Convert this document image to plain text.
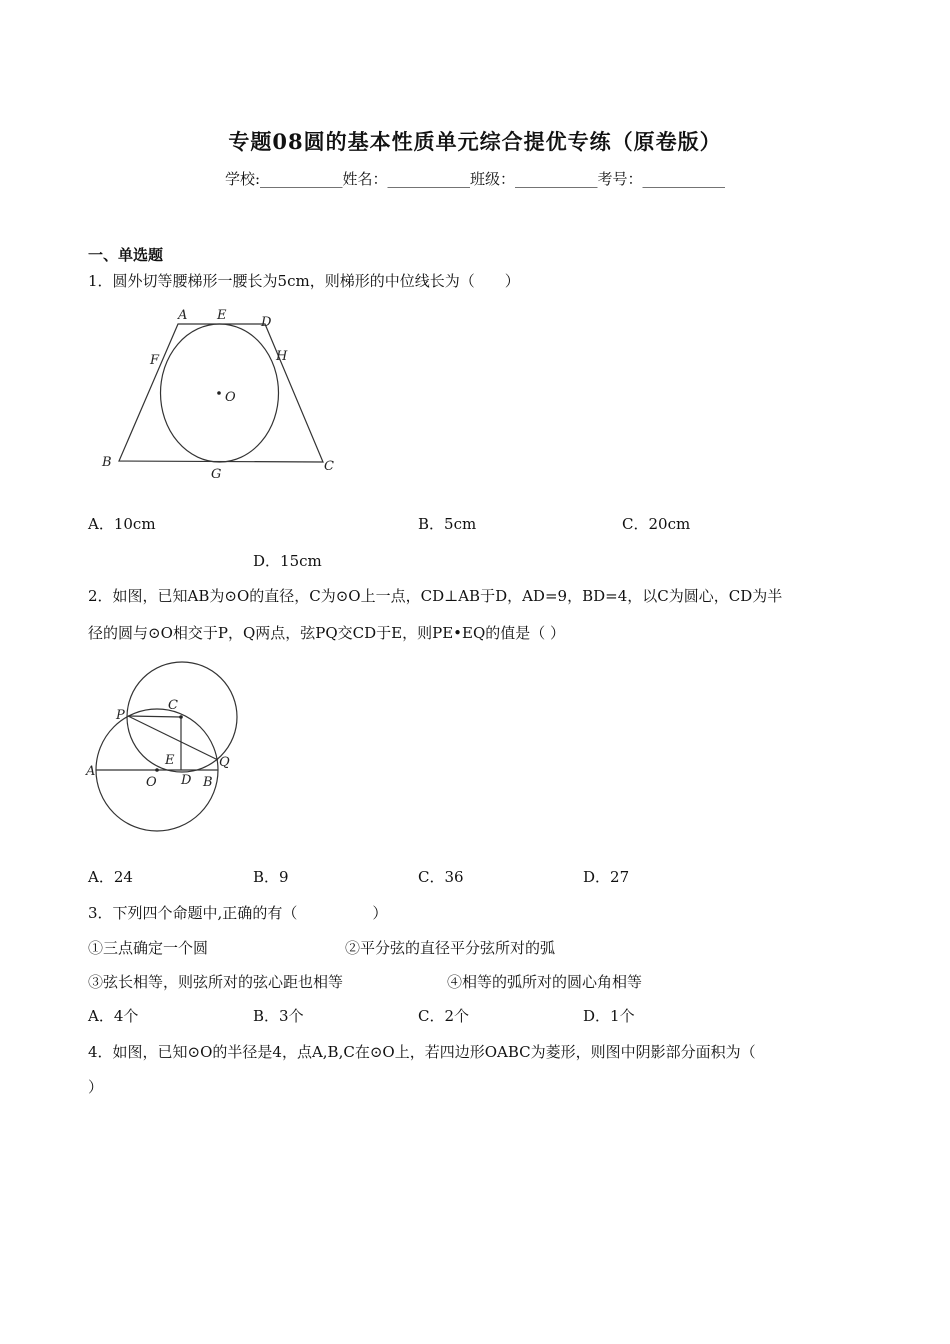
专题08圆的基本性质单元综合提优专练（原卷版）
学校:___________姓名：___________班级：___________考号：___________
一、单选题
1．圆外切等腰梯形一腰长为5cm，则梯形的中位线长为（　　）
A E	D
F	H
O
B
G
C
A．10cm	B．5cm	C．20cm
D．15cm
2．如图，已知AB为⊙O的直径，C为⊙O上一点，CD⊥AB于D，AD=9，BD=4，以C为圆心，CD为半
径的圆与⊙O相交于P，Q两点，弦PQ交CD于E，则PE•EQ的值是（ ）
P
C
A
E	Q
O D B
A．24	B．9	C．36	D．27
3．下列四个命题中,正确的有（　　　　　）
①三点确定一个圆	②平分弦的直径平分弦所对的弧
③弦长相等，则弦所对的弦心距也相等	④相等的弧所对的圆心角相等
A．4个	B．3个	C．2个	D．1个
4．如图，已知⊙O的半径是4，点A,B,C在⊙O上，若四边形OABC为菱形，则图中阴影部分面积为（
）
